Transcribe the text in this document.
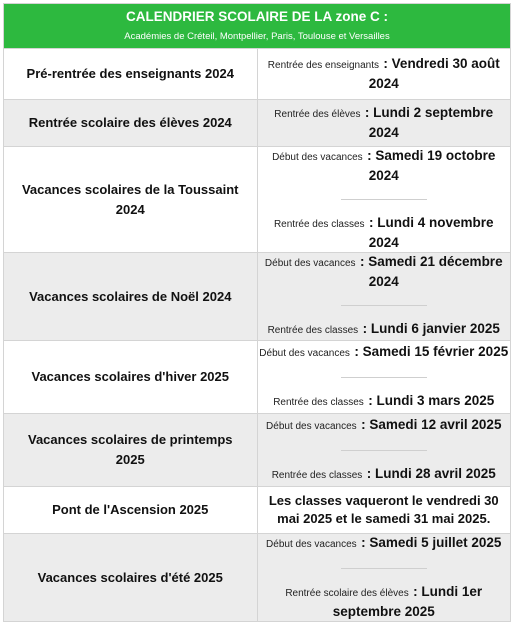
CALENDRIER SCOLAIRE DE LA zone C :
Académies de Créteil, Montpellier, Paris, Toulouse et Versailles	

Pré-rentrée des enseignants 2024	Rentrée des enseignants : Vendredi 30 août 2024

Rentrée scolaire des élèves 2024	Rentrée des élèves : Lundi 2 septembre 2024

Vacances scolaires de la Toussaint 2024	Début des vacances : Samedi 19 octobre 2024
Rentrée des classes : Lundi 4 novembre 2024

Vacances scolaires de Noël 2024	Début des vacances : Samedi 21 décembre 2024
Rentrée des classes : Lundi 6 janvier 2025

Vacances scolaires d'hiver 2025	Début des vacances : Samedi 15 février 2025
Rentrée des classes : Lundi 3 mars 2025

Vacances scolaires de printemps 2025	Début des vacances : Samedi 12 avril 2025
Rentrée des classes : Lundi 28 avril 2025

Pont de l'Ascension 2025	Les classes vaqueront le vendredi 30 mai 2025 et le samedi 31 mai 2025.
Vacances scolaires d'été 2025	Début des vacances : Samedi 5 juillet 2025
Rentrée scolaire des élèves : Lundi 1er septembre 2025
